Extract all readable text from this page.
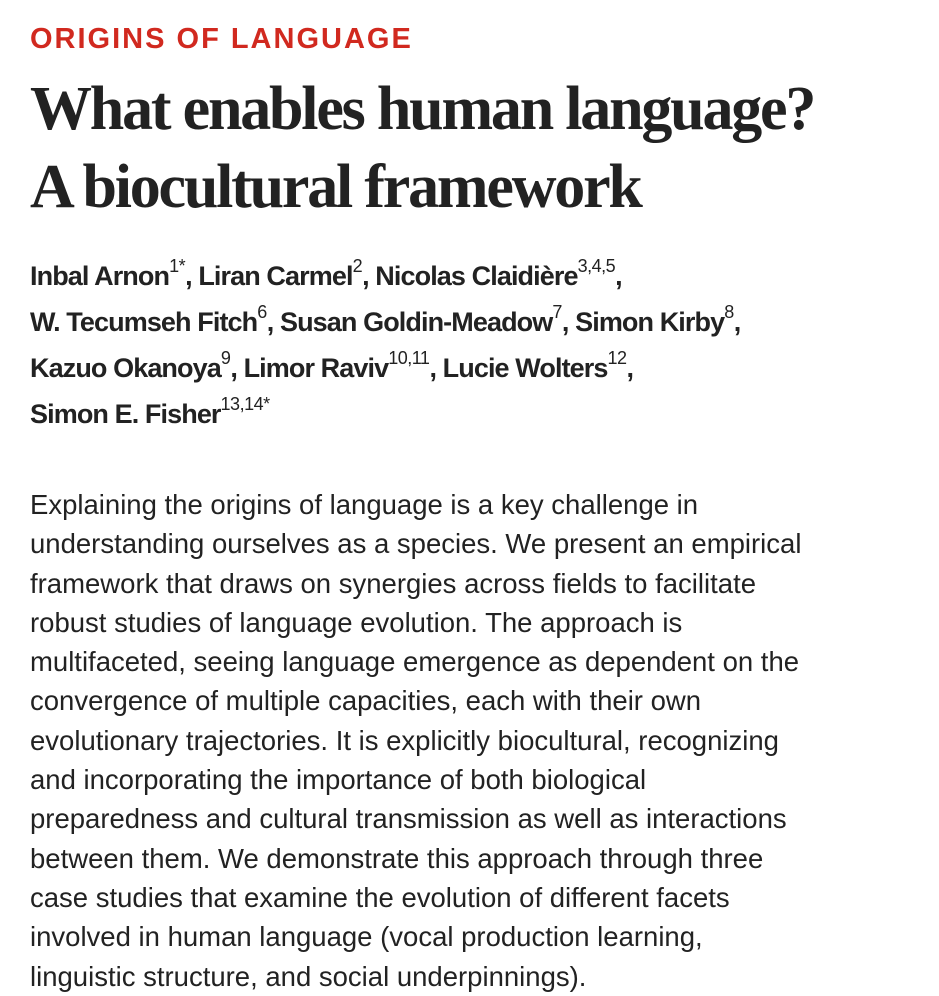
ORIGINS OF LANGUAGE
What enables human language?
A biocultural framework
Inbal Arnon$^{1*}$, Liran Carmel$^2$, Nicolas Claidière$^{3,4,5}$,
W. Tecumseh Fitch$^6$, Susan Goldin-Meadow$^7$, Simon Kirby$^8$,
Kazuo Okanoya$^9$, Limor Raviv$^{10,11}$, Lucie Wolters$^{12}$,
Simon E. Fisher$^{13,14*}$
Explaining the origins of language is a key challenge in
understanding ourselves as a species. We present an empirical
framework that draws on synergies across fields to facilitate
robust studies of language evolution. The approach is
multifaceted, seeing language emergence as dependent on the
convergence of multiple capacities, each with their own
evolutionary trajectories. It is explicitly biocultural, recognizing
and incorporating the importance of both biological
preparedness and cultural transmission as well as interactions
between them. We demonstrate this approach through three
case studies that examine the evolution of different facets
involved in human language (vocal production learning,
linguistic structure, and social underpinnings).
